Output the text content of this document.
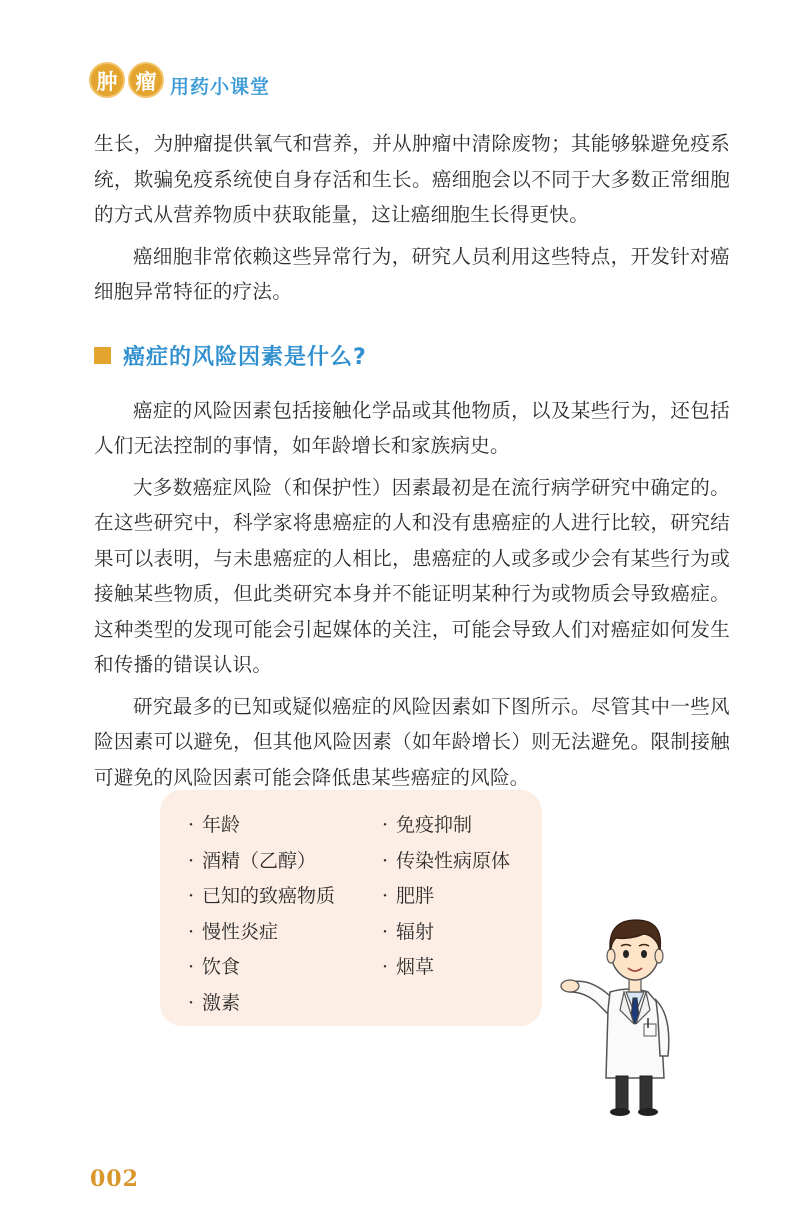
肿 瘤 用药小课堂

生长，为肿瘤提供氧气和营养，并从肿瘤中清除废物；其能够躲避免疫系统，欺骗免疫系统使自身存活和生长。癌细胞会以不同于大多数正常细胞的方式从营养物质中获取能量，这让癌细胞生长得更快。

癌细胞非常依赖这些异常行为，研究人员利用这些特点，开发针对癌细胞异常特征的疗法。

癌症的风险因素是什么?

癌症的风险因素包括接触化学品或其他物质，以及某些行为，还包括人们无法控制的事情，如年龄增长和家族病史。

大多数癌症风险（和保护性）因素最初是在流行病学研究中确定的。在这些研究中，科学家将患癌症的人和没有患癌症的人进行比较，研究结果可以表明，与未患癌症的人相比，患癌症的人或多或少会有某些行为或接触某些物质，但此类研究本身并不能证明某种行为或物质会导致癌症。这种类型的发现可能会引起媒体的关注，可能会导致人们对癌症如何发生和传播的错误认识。

研究最多的已知或疑似癌症的风险因素如下图所示。尽管其中一些风险因素可以避免，但其他风险因素（如年龄增长）则无法避免。限制接触可避免的风险因素可能会降低患某些癌症的风险。

· 年龄
· 酒精（乙醇）
· 已知的致癌物质
· 慢性炎症
· 饮食
· 激素
· 免疫抑制
· 传染性病原体
· 肥胖
· 辐射
· 烟草
002
